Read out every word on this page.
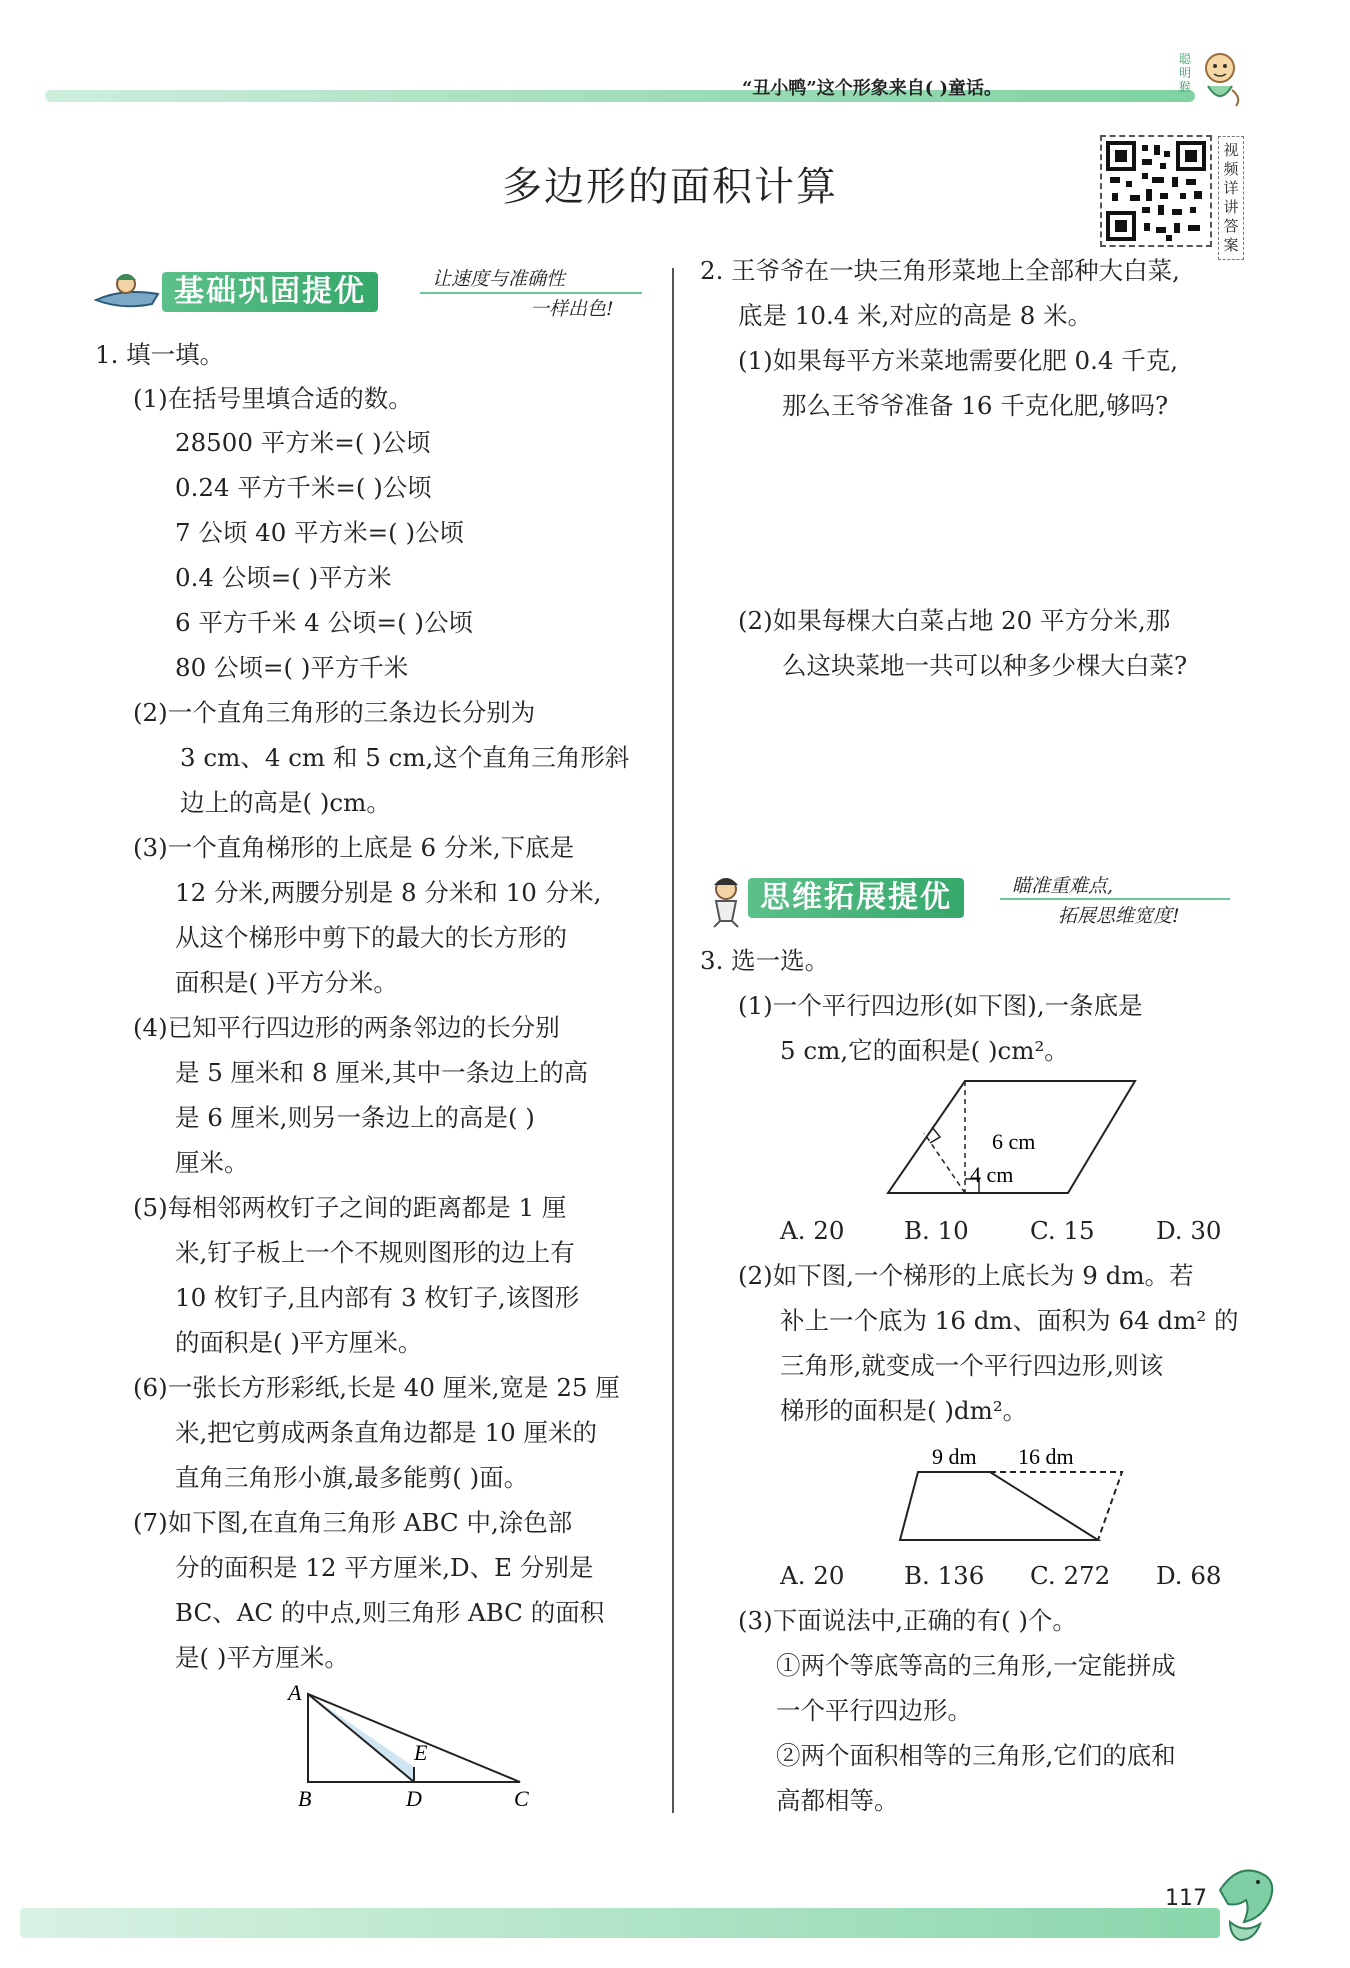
“丑小鸭”这个形象来自( )童话。
聪明猴
多边形的面积计算
视频详讲答案
基础巩固提优	让速度与准确性
一样出色!
1. 填一填。
(1)在括号里填合适的数。
28500 平方米=( )公顷
0.24 平方千米=( )公顷
7 公顷 40 平方米=( )公顷
0.4 公顷=( )平方米
6 平方千米 4 公顷=( )公顷
80 公顷=( )平方千米
(2)一个直角三角形的三条边长分别为
3 cm、4 cm 和 5 cm,这个直角三角形斜
边上的高是( )cm。
(3)一个直角梯形的上底是 6 分米,下底是
12 分米,两腰分别是 8 分米和 10 分米,
从这个梯形中剪下的最大的长方形的
面积是( )平方分米。
(4)已知平行四边形的两条邻边的长分别
是 5 厘米和 8 厘米,其中一条边上的高
是 6 厘米,则另一条边上的高是( )
厘米。
(5)每相邻两枚钉子之间的距离都是 1 厘
米,钉子板上一个不规则图形的边上有
10 枚钉子,且内部有 3 枚钉子,该图形
的面积是( )平方厘米。
(6)一张长方形彩纸,长是 40 厘米,宽是 25 厘
米,把它剪成两条直角边都是 10 厘米的
直角三角形小旗,最多能剪( )面。
(7)如下图,在直角三角形 ABC 中,涂色部
分的面积是 12 平方厘米,D、E 分别是
BC、AC 的中点,则三角形 ABC 的面积
是( )平方厘米。
A
B	D	C
E
2. 王爷爷在一块三角形菜地上全部种大白菜,
底是 10.4 米,对应的高是 8 米。
(1)如果每平方米菜地需要化肥 0.4 千克,
那么王爷爷准备 16 千克化肥,够吗?
(2)如果每棵大白菜占地 20 平方分米,那
么这块菜地一共可以种多少棵大白菜?
思维拓展提优	瞄准重难点,
拓展思维宽度!
3. 选一选。
(1)一个平行四边形(如下图),一条底是
5 cm,它的面积是( )cm²。
6 cm
4 cm
A. 20 B. 10 C. 15	D. 30
(2)如下图,一个梯形的上底长为 9 dm。若
补上一个底为 16 dm、面积为 64 dm² 的
三角形,就变成一个平行四边形,则该
梯形的面积是( )dm²。
9 dm 16 dm
A. 20 B. 136 C. 272 D. 68
(3)下面说法中,正确的有( )个。
①两个等底等高的三角形,一定能拼成
一个平行四边形。
②两个面积相等的三角形,它们的底和
高都相等。
117
